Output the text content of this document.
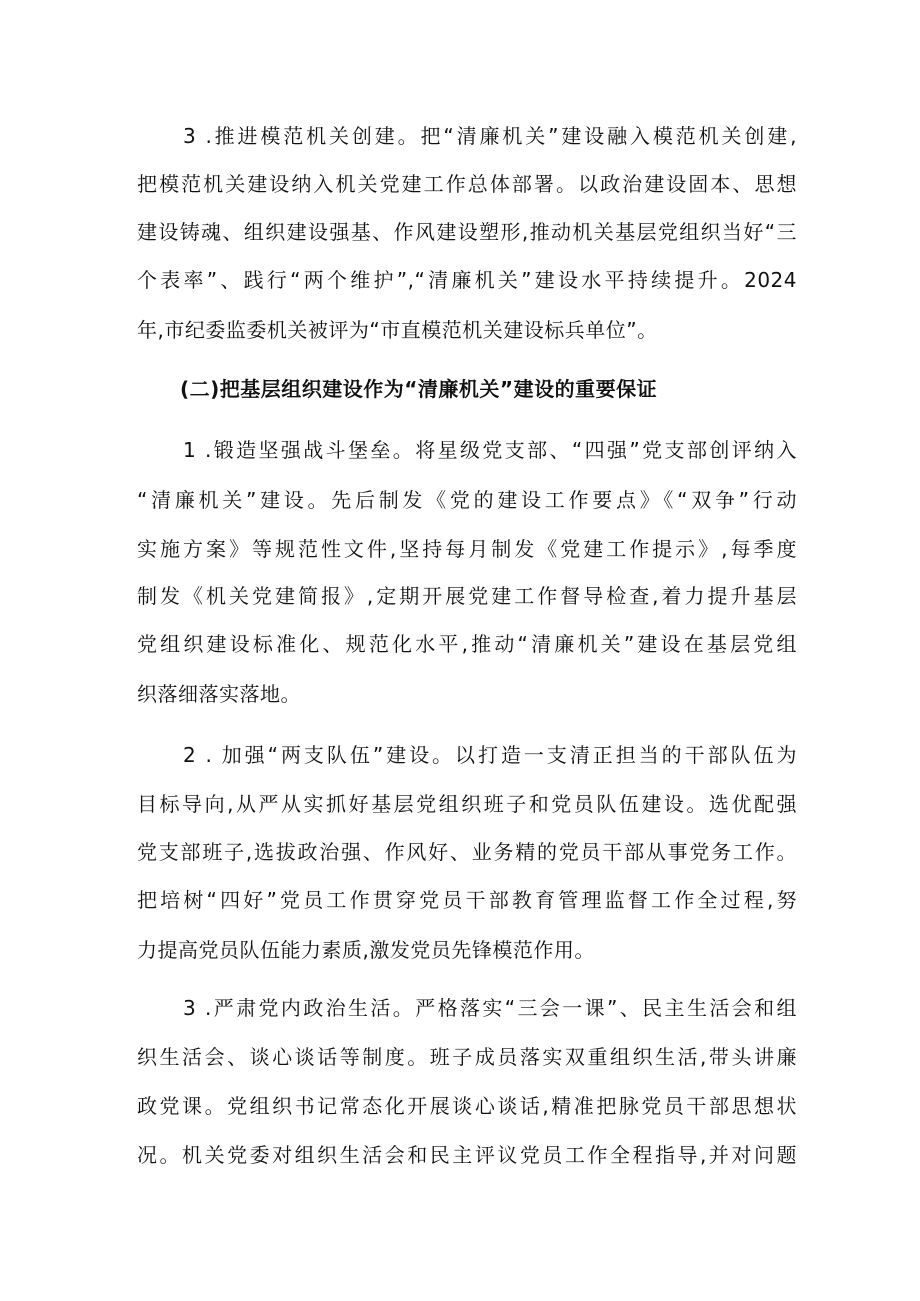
3 .推进模范机关创建。把“清廉机关”建设融入模范机关创建,
把模范机关建设纳入机关党建工作总体部署。以政治建设固本、思想
建设铸魂、组织建设强基、作风建设塑形,推动机关基层党组织当好“三
个表率”、践行“两个维护”,“清廉机关”建设水平持续提升。2024
年,市纪委监委机关被评为“市直模范机关建设标兵单位”。
(二)把基层组织建设作为“清廉机关”建设的重要保证
1 .锻造坚强战斗堡垒。将星级党支部、“四强”党支部创评纳入
“清廉机关”建设。先后制发《党的建设工作要点》《“双争”行动
实施方案》等规范性文件,坚持每月制发《党建工作提示》,每季度
制发《机关党建简报》,定期开展党建工作督导检查,着力提升基层
党组织建设标准化、规范化水平,推动“清廉机关”建设在基层党组
织落细落实落地。
2 . 加强“两支队伍”建设。以打造一支清正担当的干部队伍为
目标导向,从严从实抓好基层党组织班子和党员队伍建设。选优配强
党支部班子,选拔政治强、作风好、业务精的党员干部从事党务工作。
把培树“四好”党员工作贯穿党员干部教育管理监督工作全过程,努
力提高党员队伍能力素质,激发党员先锋模范作用。
3 .严肃党内政治生活。严格落实“三会一课”、民主生活会和组
织生活会、谈心谈话等制度。班子成员落实双重组织生活,带头讲廉
政党课。党组织书记常态化开展谈心谈话,精准把脉党员干部思想状
况。机关党委对组织生活会和民主评议党员工作全程指导,并对问题
